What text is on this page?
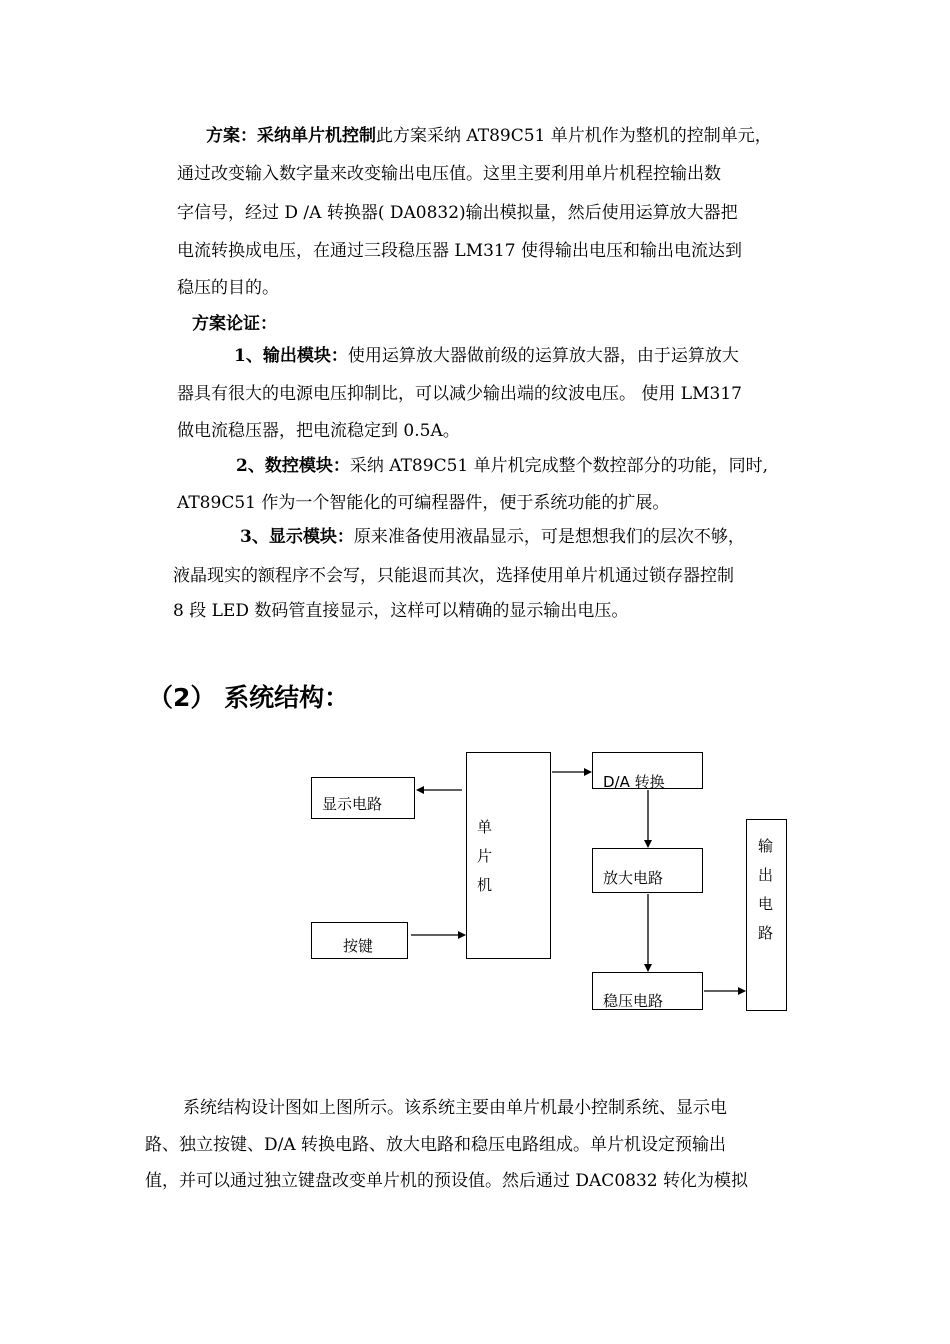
方案：采纳单片机控制此方案采纳 AT89C51 单片机作为整机的控制单元，
通过改变输入数字量来改变输出电压值。这里主要利用单片机程控输出数
字信号，经过 D /A 转换器( DA0832)输出模拟量，然后使用运算放大器把
电流转换成电压，在通过三段稳压器 LM317 使得输出电压和输出电流达到
稳压的目的。
方案论证：
1、输出模块：使用运算放大器做前级的运算放大器，由于运算放大
器具有很大的电源电压抑制比，可以减少输出端的纹波电压。 使用 LM317
做电流稳压器，把电流稳定到 0.5A。
2、数控模块：采纳 AT89C51 单片机完成整个数控部分的功能，同时,
AT89C51 作为一个智能化的可编程器件，便于系统功能的扩展。
3、显示模块：原来准备使用液晶显示，可是想想我们的层次不够，
液晶现实的额程序不会写，只能退而其次，选择使用单片机通过锁存器控制
8 段 LED 数码管直接显示，这样可以精确的显示输出电压。
（2） 系统结构：
显示电路
单
片
机
按键
D/A 转换
放大电路
稳压电路
输
出
电
路
系统结构设计图如上图所示。该系统主要由单片机最小控制系统、显示电
路、独立按键、D/A 转换电路、放大电路和稳压电路组成。单片机设定预输出
值，并可以通过独立键盘改变单片机的预设值。然后通过 DAC0832 转化为模拟
